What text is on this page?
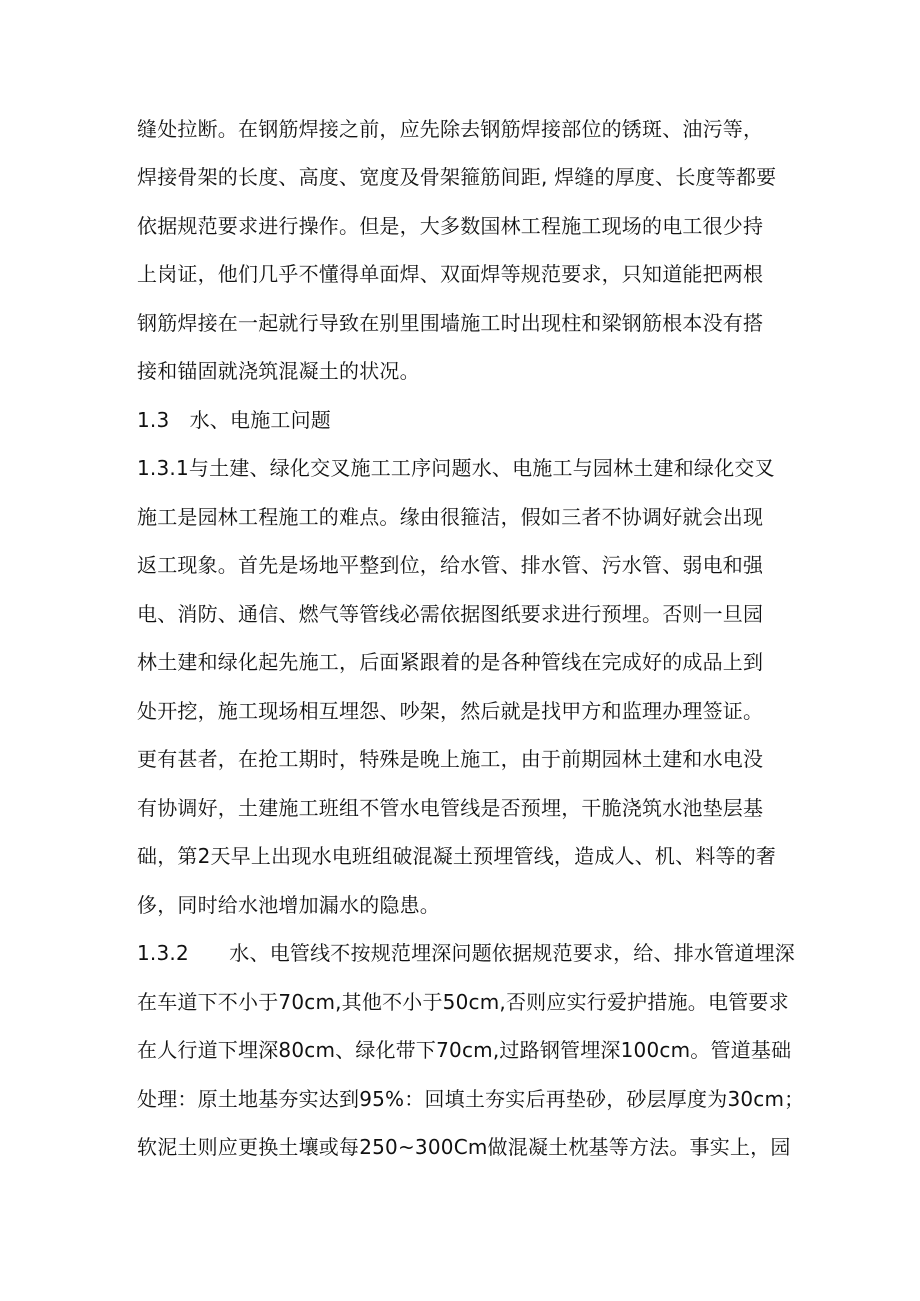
缝处拉断。在钢筋焊接之前，应先除去钢筋焊接部位的锈斑、油污等，
焊接骨架的长度、高度、宽度及骨架箍筋间距, 焊缝的厚度、长度等都要
依据规范要求进行操作。但是，大多数国林工程施工现场的电工很少持
上岗证，他们几乎不懂得单面焊、双面焊等规范要求，只知道能把两根
钢筋焊接在一起就行导致在别里围墙施工时出现柱和梁钢筋根本没有搭
接和锚固就浇筑混凝土的状况。
1.3　水、电施工问题
1.3.1与土建、绿化交叉施工工序问题水、电施工与园林土建和绿化交叉
施工是园林工程施工的难点。缘由很箍洁，假如三者不协调好就会出现
返工现象。首先是场地平整到位，给水管、排水管、污水管、弱电和强
电、消防、通信、燃气等管线必需依据图纸要求进行预埋。否则一旦园
林土建和绿化起先施工，后面紧跟着的是各种管线在完成好的成品上到
处开挖，施工现场相互埋怨、吵架，然后就是找甲方和监理办理签证。
更有甚者，在抢工期时，特殊是晚上施工，由于前期园林土建和水电没
有协调好，土建施工班组不管水电管线是否预埋，干脆浇筑水池垫层基
础，第2天早上出现水电班组破混凝土预埋管线，造成人、机、料等的奢
侈，同时给水池增加漏水的隐患。
1.3.2　　水、电管线不按规范埋深问题依据规范要求，给、排水管道埋深
在车道下不小于70cm,其他不小于50cm,否则应实行爱护措施。电管要求
在人行道下埋深80cm、绿化带下70cm,过路钢管埋深100cm。管道基础
处理：原土地基夯实达到95%：回填土夯实后再垫砂，砂层厚度为30cm；
软泥土则应更换土壤或每250~300Cm做混凝土枕基等方法。事实上，园
